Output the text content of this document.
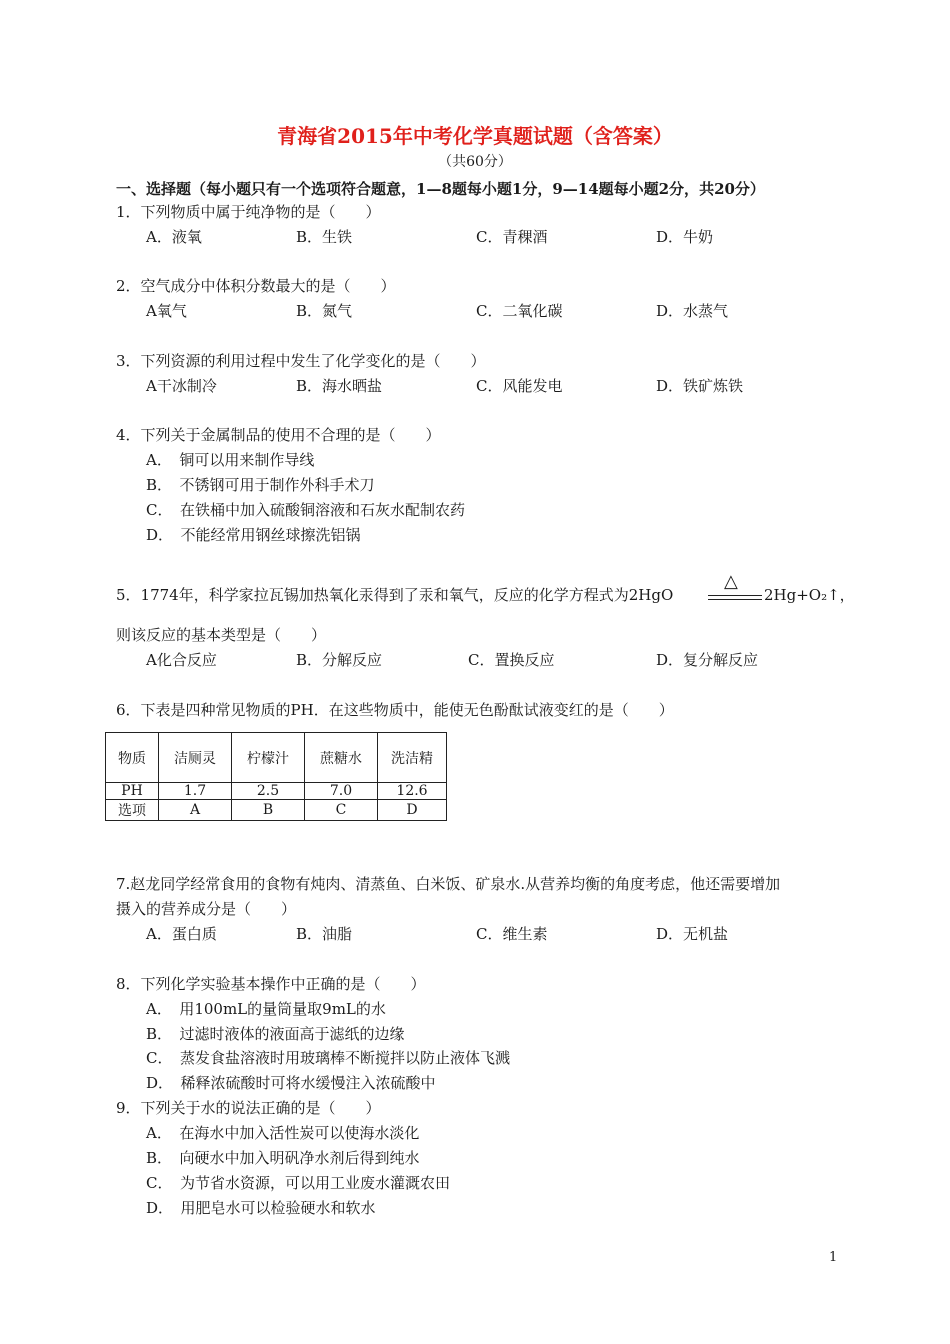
青海省2015年中考化学真题试题（含答案）
（共60分）
一、选择题（每小题只有一个选项符合题意，1—8题每小题1分，9—14题每小题2分，共20分）
1．下列物质中属于纯净物的是（　　）
A．液氧	B．生铁	C．青稞酒	D．牛奶
2．空气成分中体积分数最大的是（　　）
A氧气	B．氮气	C．二氧化碳	D．水蒸气
3．下列资源的利用过程中发生了化学变化的是（　　）
A干冰制冷	B．海水晒盐	C．风能发电	D．铁矿炼铁
4．下列关于金属制品的使用不合理的是（　　）
A．　铜可以用来制作导线
B．　不锈钢可用于制作外科手术刀
C．　在铁桶中加入硫酸铜溶液和石灰水配制农药
D．　不能经常用钢丝球擦洗铝锅
5．1774年，科学家拉瓦锡加热氧化汞得到了汞和氧气，反应的化学方程式为2HgO
△
2Hg+O₂↑，
则该反应的基本类型是（　　）
A化合反应	B．分解反应	C．置换反应	D．复分解反应
6．下表是四种常见物质的PH．在这些物质中，能使无色酚酞试液变红的是（　　）
物质	洁厕灵	柠檬汁	蔗糖水	洗洁精
PH	1.7	2.5	7.0	12.6
选项	A	B	C	D
7.赵龙同学经常食用的食物有炖肉、清蒸鱼、白米饭、矿泉水.从营养均衡的角度考虑，他还需要增加
摄入的营养成分是（　　）
A．蛋白质	B．油脂	C．维生素	D．无机盐
8．下列化学实验基本操作中正确的是（　　）
A．　用100mL的量筒量取9mL的水
B．　过滤时液体的液面高于滤纸的边缘
C．　蒸发食盐溶液时用玻璃棒不断搅拌以防止液体飞溅
D．　稀释浓硫酸时可将水缓慢注入浓硫酸中
9．下列关于水的说法正确的是（　　）
A．　在海水中加入活性炭可以使海水淡化
B．　向硬水中加入明矾净水剂后得到纯水
C．　为节省水资源，可以用工业废水灌溉农田
D．　用肥皂水可以检验硬水和软水
1
